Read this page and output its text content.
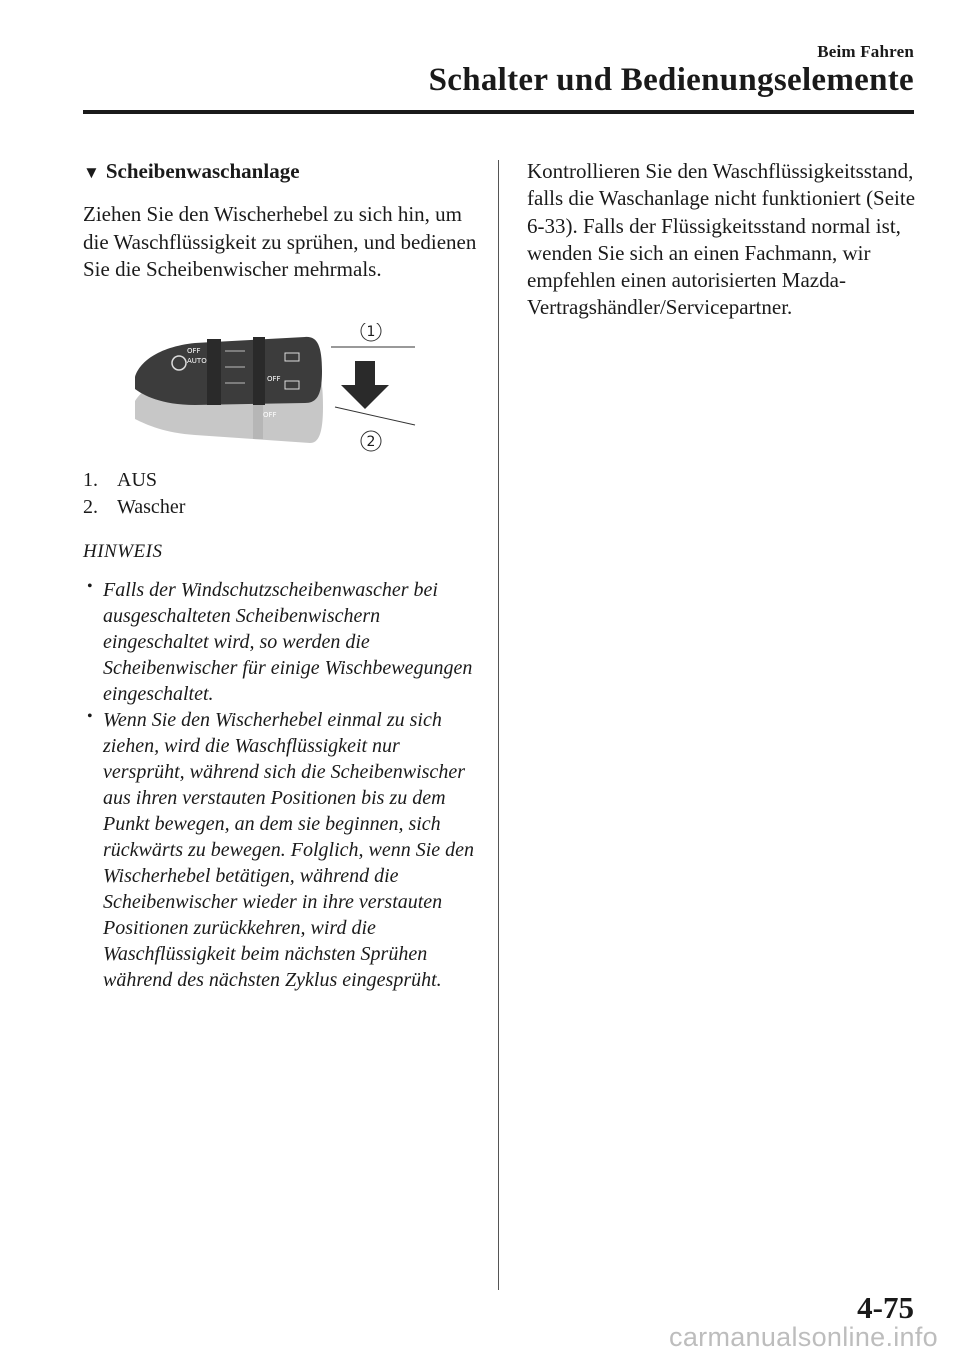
Beim Fahren
Schalter und Bedienungselemente
▼ Scheibenwaschanlage

Ziehen Sie den Wischerhebel zu sich hin, um die Waschflüssigkeit zu sprühen, und bedienen Sie die Scheibenwischer mehrmals.

OFF
OFF
AUTO
OFF
1
2
1. AUS
2. Wascher
HINWEIS
• Falls der Windschutzscheibenwascher bei ausgeschalteten Scheibenwischern eingeschaltet wird, so werden die Scheibenwischer für einige Wischbewegungen eingeschaltet.
• Wenn Sie den Wischerhebel einmal zu sich ziehen, wird die Waschflüssigkeit nur versprüht, während sich die Scheibenwischer aus ihren verstauten Positionen bis zu dem Punkt bewegen, an dem sie beginnen, sich rückwärts zu bewegen. Folglich, wenn Sie den Wischerhebel betätigen, während die Scheibenwischer wieder in ihre verstauten Positionen zurückkehren, wird die Waschflüssigkeit beim nächsten Sprühen während des nächsten Zyklus eingesprüht.

Kontrollieren Sie den Waschflüssigkeitsstand, falls die Waschanlage nicht funktioniert (Seite 6-33). Falls der Flüssigkeitsstand normal ist, wenden Sie sich an einen Fachmann, wir empfehlen einen autorisierten Mazda-Vertragshändler/Servicepartner.

4-75
carmanualsonline.info
